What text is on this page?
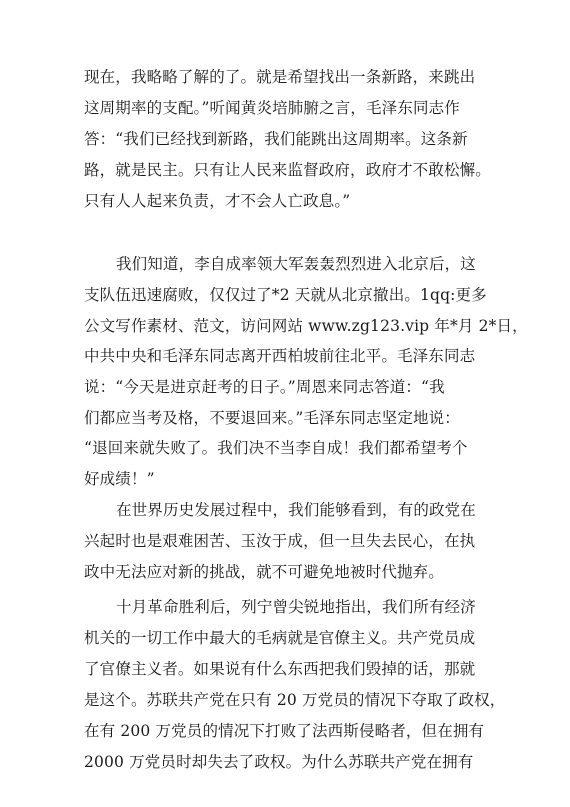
现在，我略略了解的了。就是希望找出一条新路，来跳出
这周期率的支配。”听闻黄炎培肺腑之言，毛泽东同志作
答：“我们已经找到新路，我们能跳出这周期率。这条新
路，就是民主。只有让人民来监督政府，政府才不敢松懈。
只有人人起来负责，才不会人亡政息。”
我们知道，李自成率领大军轰轰烈烈进入北京后，这
支队伍迅速腐败，仅仅过了*2 天就从北京撤出。1qq:更多
公文写作素材、范文，访问网站 www.zg123.vip 年*月 2*日，
中共中央和毛泽东同志离开西柏坡前往北平。毛泽东同志
说：“今天是进京赶考的日子。”周恩来同志答道：“我
们都应当考及格，不要退回来。”毛泽东同志坚定地说：
“退回来就失败了。我们决不当李自成！我们都希望考个
好成绩！”
在世界历史发展过程中，我们能够看到，有的政党在
兴起时也是艰难困苦、玉汝于成，但一旦失去民心，在执
政中无法应对新的挑战，就不可避免地被时代抛弃。
十月革命胜利后，列宁曾尖锐地指出，我们所有经济
机关的一切工作中最大的毛病就是官僚主义。共产党员成
了官僚主义者。如果说有什么东西把我们毁掉的话，那就
是这个。苏联共产党在只有 20 万党员的情况下夺取了政权，
在有 200 万党员的情况下打败了法西斯侵略者，但在拥有
2000 万党员时却失去了政权。为什么苏联共产党在拥有
